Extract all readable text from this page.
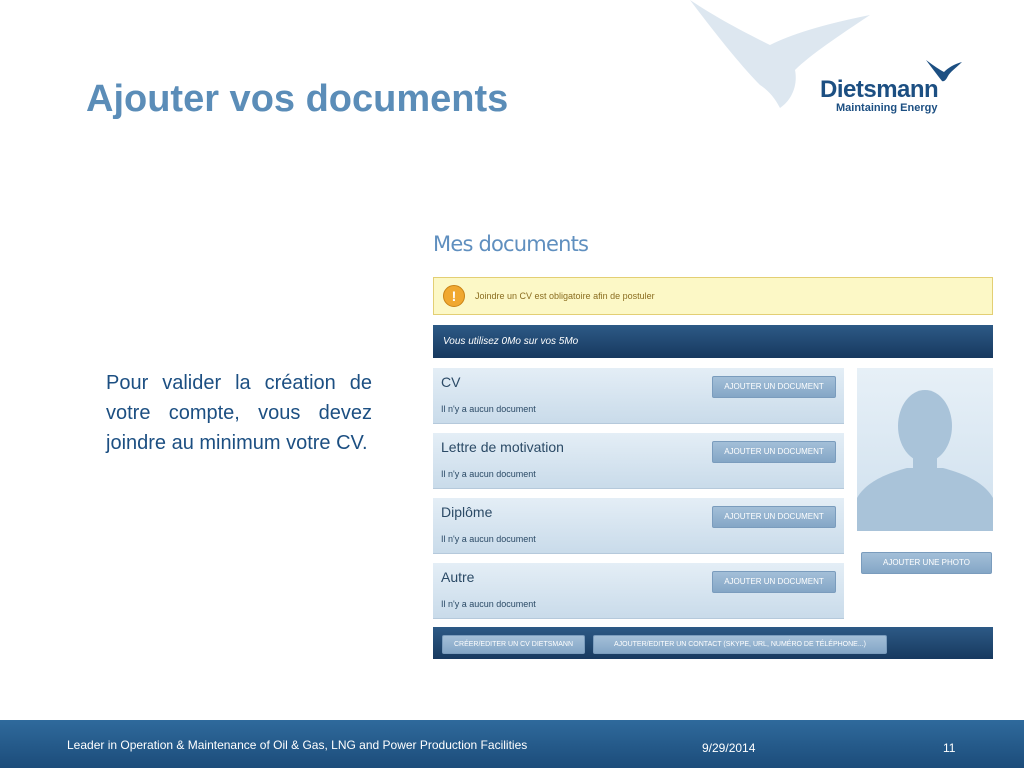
Ajouter vos documents	Dietsmann
Maintaining Energy
Pour valider la création de votre compte, vous devez joindre au minimum votre CV.
Mes documents
!	Joindre un CV est obligatoire afin de postuler
Vous utilisez 0Mo sur vos 5Mo
CV
Il n'y a aucun document
AJOUTER UN DOCUMENT
Lettre de motivation
Il n'y a aucun document
AJOUTER UN DOCUMENT
Diplôme
Il n'y a aucun document
AJOUTER UN DOCUMENT
Autre
Il n'y a aucun document
AJOUTER UN DOCUMENT
AJOUTER UNE PHOTO
CRÉER/EDITER UN CV DIETSMANN	AJOUTER/EDITER UN CONTACT (SKYPE, URL, NUMÉRO DE TÉLÉPHONE...)
Leader in Operation & Maintenance of Oil & Gas, LNG and Power Production Facilities	9/29/2014	11
